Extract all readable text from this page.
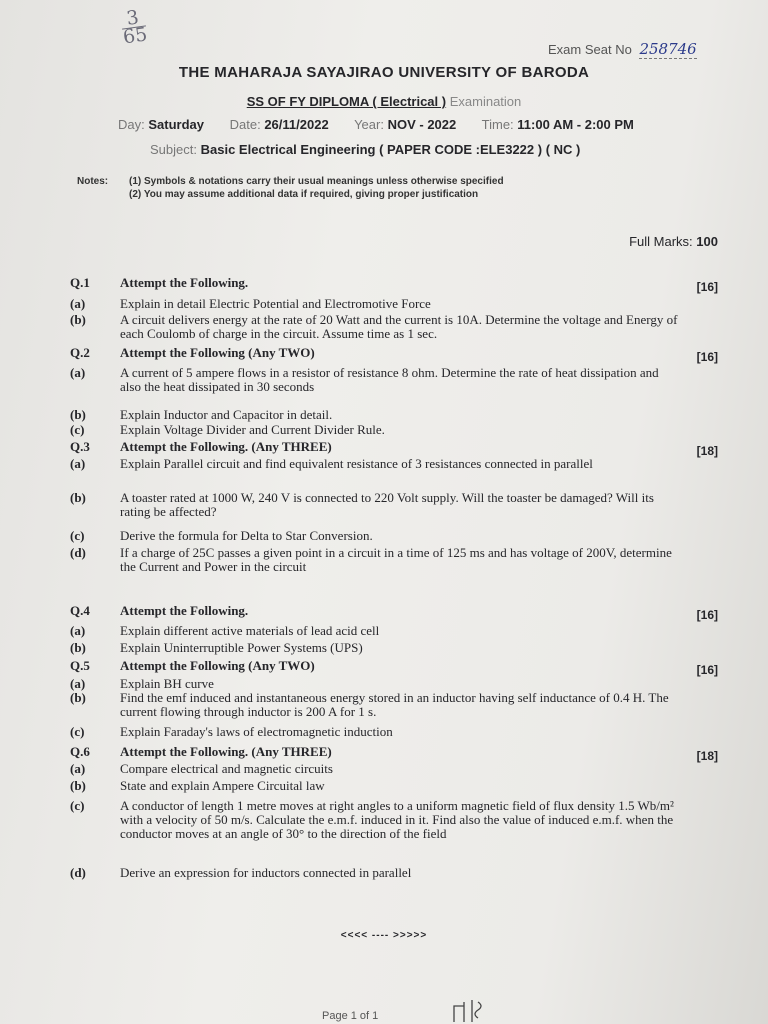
3
65
Exam Seat No 258746
THE MAHARAJA SAYAJIRAO UNIVERSITY OF BARODA
SS OF FY DIPLOMA ( Electrical ) Examination
Day: Saturday Date: 26/11/2022 Year: NOV - 2022 Time: 11:00 AM - 2:00 PM
Subject: Basic Electrical Engineering ( PAPER CODE :ELE3222 ) ( NC )
Notes: (1) Symbols & notations carry their usual meanings unless otherwise specified
(2) You may assume additional data if required, giving proper justification
Full Marks: 100
Q.1	Attempt the Following.	[16]
(a)	Explain in detail Electric Potential and Electromotive Force
(b)	A circuit delivers energy at the rate of 20 Watt and the current is 10A. Determine the voltage and Energy of each Coulomb of charge in the circuit. Assume time as 1 sec.
Q.2	Attempt the Following (Any TWO)	[16]
(a)	A current of 5 ampere flows in a resistor of resistance 8 ohm. Determine the rate of heat dissipation and also the heat dissipated in 30 seconds
(b)	Explain Inductor and Capacitor in detail.
(c)	Explain Voltage Divider and Current Divider Rule.
Q.3	Attempt the Following. (Any THREE)	[18]
(a)	Explain Parallel circuit and find equivalent resistance of 3 resistances connected in parallel
(b)	A toaster rated at 1000 W, 240 V is connected to 220 Volt supply. Will the toaster be damaged? Will its rating be affected?
(c)	Derive the formula for Delta to Star Conversion.
(d)	If a charge of 25C passes a given point in a circuit in a time of 125 ms and has voltage of 200V, determine the Current and Power in the circuit
Q.4	Attempt the Following.	[16]
(a)	Explain different active materials of lead acid cell
(b)	Explain Uninterruptible Power Systems (UPS)
Q.5	Attempt the Following (Any TWO)	[16]
(a)	Explain BH curve
(b)	Find the emf induced and instantaneous energy stored in an inductor having self inductance of 0.4 H. The current flowing through inductor is 200 A for 1 s.
(c)	Explain Faraday's laws of electromagnetic induction
Q.6	Attempt the Following. (Any THREE)	[18]
(a)	Compare electrical and magnetic circuits
(b)	State and explain Ampere Circuital law
(c)	A conductor of length 1 metre moves at right angles to a uniform magnetic field of flux density 1.5 Wb/m² with a velocity of 50 m/s. Calculate the e.m.f. induced in it. Find also the value of induced e.m.f. when the conductor moves at an angle of 30° to the direction of the field
(d)	Derive an expression for inductors connected in parallel
<<<< ---- >>>>>
Page 1 of 1
